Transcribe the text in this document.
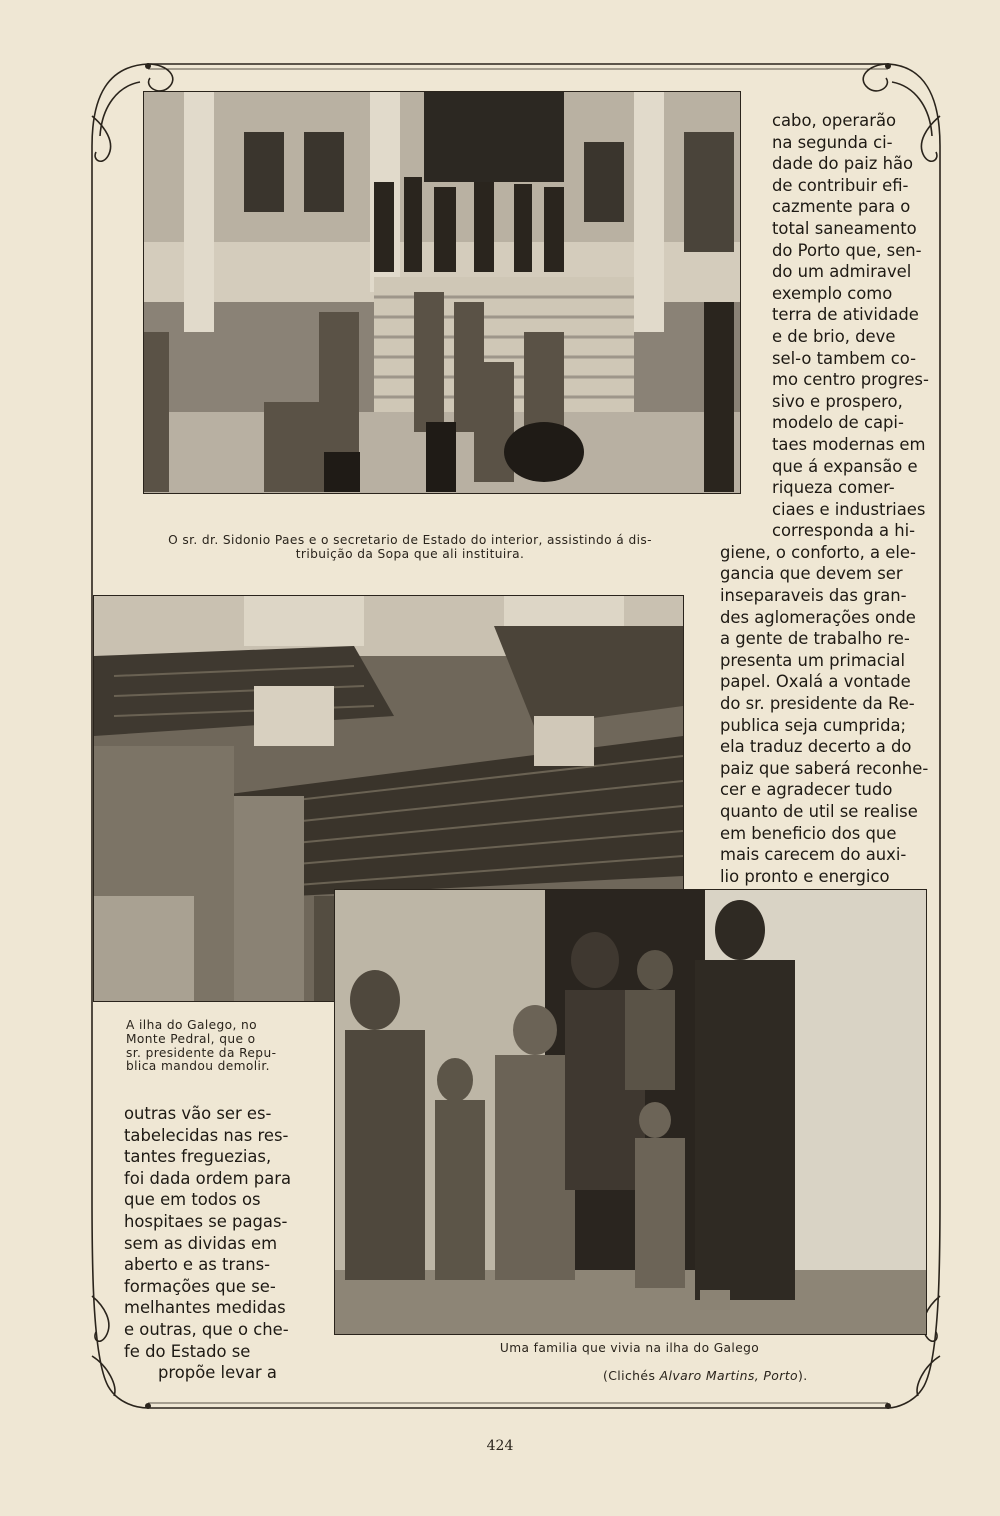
O sr. dr. Sidonio Paes e o secretario de Estado do interior, assistindo á dis-
tribuição da Sopa que ali instituira.
cabo, operarão
na segunda ci-
dade do paiz hão
de contribuir efi-
cazmente para o
total saneamento
do Porto que, sen-
do um admiravel
exemplo como
terra de atividade
e de brio, deve
sel-o tambem co-
mo centro progres-
sivo e prospero,
modelo de capi-
taes modernas em
que á expansão e
riqueza comer-
ciaes e industriaes
corresponda a hi-
giene, o conforto, a ele-
gancia que devem ser
inseparaveis das gran-
des aglomerações onde
a gente de trabalho re-
presenta um primacial
papel. Oxalá a vontade
do sr. presidente da Re-
publica seja cumprida;
ela traduz decerto a do
paiz que saberá reconhe-
cer e agradecer tudo
quanto de util se realise
em beneficio dos que
mais carecem do auxi-
lio pronto e energico
A ilha do Galego, no
Monte Pedral, que o
sr. presidente da Repu-
blica mandou demolir.
outras vão ser es-
tabelecidas nas res-
tantes freguezias,
foi dada ordem para
que em todos os
hospitaes se pagas-
sem as dividas em
aberto e as trans-
formações que se-
melhantes medidas
e outras, que o che-
fe do Estado se
propõe levar a
Uma familia que vivia na ilha do Galego
(Clichés Alvaro Martins, Porto).
424
